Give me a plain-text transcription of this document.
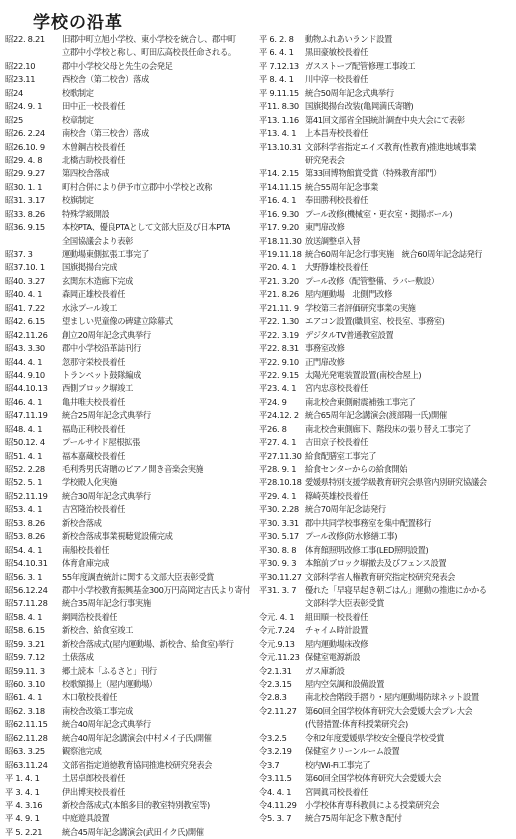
学校の沿革
昭22. 8.21	旧郡中町立旭小学校、東小学校を統合し、郡中町
立郡中小学校と称し、町田広高校長任命される。
昭22.10	郡中小学校父母と先生の会発足
昭23.11	西校舎（第二校舎）落成
昭24	校歌制定
昭24. 9. 1	田中正一校長着任
昭25	校章制定
昭26. 2.24	南校舎（第三校舎）落成
昭26.10. 9	木曽鋼吉校長着任
昭29. 4. 8	北橋吉助校長着任
昭29. 9.27	第四校舎落成
昭30. 1. 1	町村合併により伊予市立郡中小学校と改称
昭31. 3.17	校旗制定
昭33. 8.26	特殊学級開設
昭36. 9.15	本校PTA、優良PTAとして文部大臣及び日本PTA
全国協議会より表彰
昭37. 3	運動場東側拡張工事完了
昭37.10. 1	国旗掲揚台完成
昭40. 3.27	玄関东木造廊下完成
昭40. 4. 1	森岡正雄校長着任
昭41. 7.22	水泳プール竣工
昭42. 6.15	望ましい児童像の碑建立除幕式
昭42.11.26	創立20周年記念式典挙行
昭43. 3.30	郡中小学校沿革誌刊行
昭44. 4. 1	忽那守栄校長着任
昭44. 9.10	トランペット鼓隊編成
昭44.10.13	西側ブロック塀竣工
昭46. 4. 1	亀井唯夫校長着任
昭47.11.19	統合25周年記念式典挙行
昭48. 4. 1	福島正利校長着任
昭50.12. 4	プールサイド屋根拡張
昭51. 4. 1	福本嘉蔵校長着任
昭52. 2.28	毛利秀男氏寄贈のピアノ開き音楽会実施
昭52. 5. 1	学校殿人化実施
昭52.11.19	統合30周年記念式典挙行
昭53. 4. 1	吉宮隆治校長着任
昭53. 8.26	新校舎落成
昭53. 8.26	新校舎落成事業視聴覚設備完成
昭54. 4. 1	南船校長着任
昭54.10.31	体育倉庫完成
昭56. 3. 1	55年度調査統計に関する文部大臣表彰受賞
昭56.12.24	郡中小学校教育振興基金300万円高岡定吉氏より寄付
昭57.11.28	統合35周年記念行事実施
昭58. 4. 1	網岡浩校長着任
昭58. 6.15	新校舎、給食室竣工
昭59. 3.21	新校舎落成式(屋内運動場、新校舎、給食室)挙行
昭59. 7.12	土俵落成
昭59.11. 3	郷土読本「ふるさと」刊行
昭60. 3.10	校歌額揚上（屋内運動場）
昭61. 4. 1	木口敬校長着任
昭62. 3.18	南校舎改築工事完成
昭62.11.15	統合40周年記念式典挙行
昭62.11.28	統合40周年記念講演会(中村メイ子氏)開催
昭63. 3.25	観察池完成
昭63.11.24	文部省指定道徳教育協同推進校研究発表会
平 1. 4. 1	土居卓郎校長着任
平 3. 4. 1	伊出博実校長着任
平 4. 3.16	新校舎落成式(本館多目的教室特別教室等)
平 4. 9. 1	中庭遊具設置
平 5. 2.21	統合45周年記念講演会(武田イク氏)開催
平 6. 2. 8	動物ふれあいランド設置
平 6. 4. 1	黒田豪敏校長着任
平 7.12.13 ガスストーブ配管修理工事竣工
平 8. 4. 1	川中淳一校長着任
平 9.11.15 統合50周年記念式典挙行
平11. 8.30 国旗掲揚台改装(亀岡満氏寄贈)
平13. 1.16 第41回文部省全国統計調査中央大会にて表彰
平13. 4. 1	上本昌寿校長着任
平13.10.31 文部科学省指定エイズ教育(性教育)推進地域事業
研究発表会
平14. 2.15 第33回博物館賞受賞（特殊教育部門）
平14.11.15 統合55周年記念事業
平16. 4. 1	奉田勝利校長着任
平16. 9.30 プール改修(機械室・更衣室・掲揚ポール)
平17. 9.20 東門扉改修
平18.11.30 放送調整卓入替
平19.11.18 統合60周年記念行事実施　統合60周年記念誌発行
平20. 4. 1	大野静雄校長着任
平21. 3.20 プール改修（配管整備、ラバー敷設）
平21. 8.26 屋内運動場　北側門改修
平21.11. 9 学校第三者評価研究事業の実施
平22. 1.30 エアコン設置(職員室、校長室、事務室)
平22. 3.19 デジタルTV普通教室設置
平22. 8.31 事務室改修
平22. 9.10 正門扉改修
平22. 9.15 太陽光発電装置設置(南校舎屋上)
平23. 4. 1	宮内忠彦校長着任
平24. 9	南北校舎東側耐震補強工事完了
平24.12. 2 統合65周年記念講演会(渡部陽一氏)開催
平26. 8	南北校舎東側廊下、階段床の張り替え工事完了
平27. 4. 1	吉田京子校長着任
平27.11.30 給食配膳室工事完了
平28. 9. 1	給食センターからの給食開始
平28.10.18 愛媛県特別支援学級教育研究会県管内別研究協議会
平29. 4. 1	篠崎英雄校長着任
平30. 2.28 統合70周年記念誌発行
平30. 3.31 郡中共同学校事務室を集中配置移行
平30. 5.17 プール改修(防水修繕工事)
平30. 8. 8	体育館照明改修工事(LED照明設置)
平30. 9. 3	本館前ブロック塀撤去及びフェンス設置
平30.11.27 文部科学省人権教育研究指定校研究発表会
平31. 3. 7	優れた「早寝早起き朝ごはん」運動の推進にかかる
文部科学大臣表彰受賞
令元. 4. 1	組田順一校長着任
令元.7.24	チャイム時計設置
令元.9.13	屋内運動場床改修
令元.11.23 保健室電源新設
令2.1.31	ガス庫新設
令2.3.15	屋内空気調和設備設置
令2.8.3	南北校舎階段手摺り・屋内運動場防球ネット設置
令2.11.27	第60回全国学校体育研究大会愛媛大会プレ大会
(代替措置:体育科授業研究会)
令3.2.5	令和2年度愛媛県学校安全優良学校受賞
令3.2.19	保健室クリーンルーム設置
令3.7	校内Wi-Fi工事完了
令3.11.5	第60回全国学校体育研究大会愛媛大会
令4. 4. 1	宮岡眞司校長着任
令4.11.29	小学校体育専科教員による授業研究会
令5. 3. 7	統合75周年記念下敷き配付
